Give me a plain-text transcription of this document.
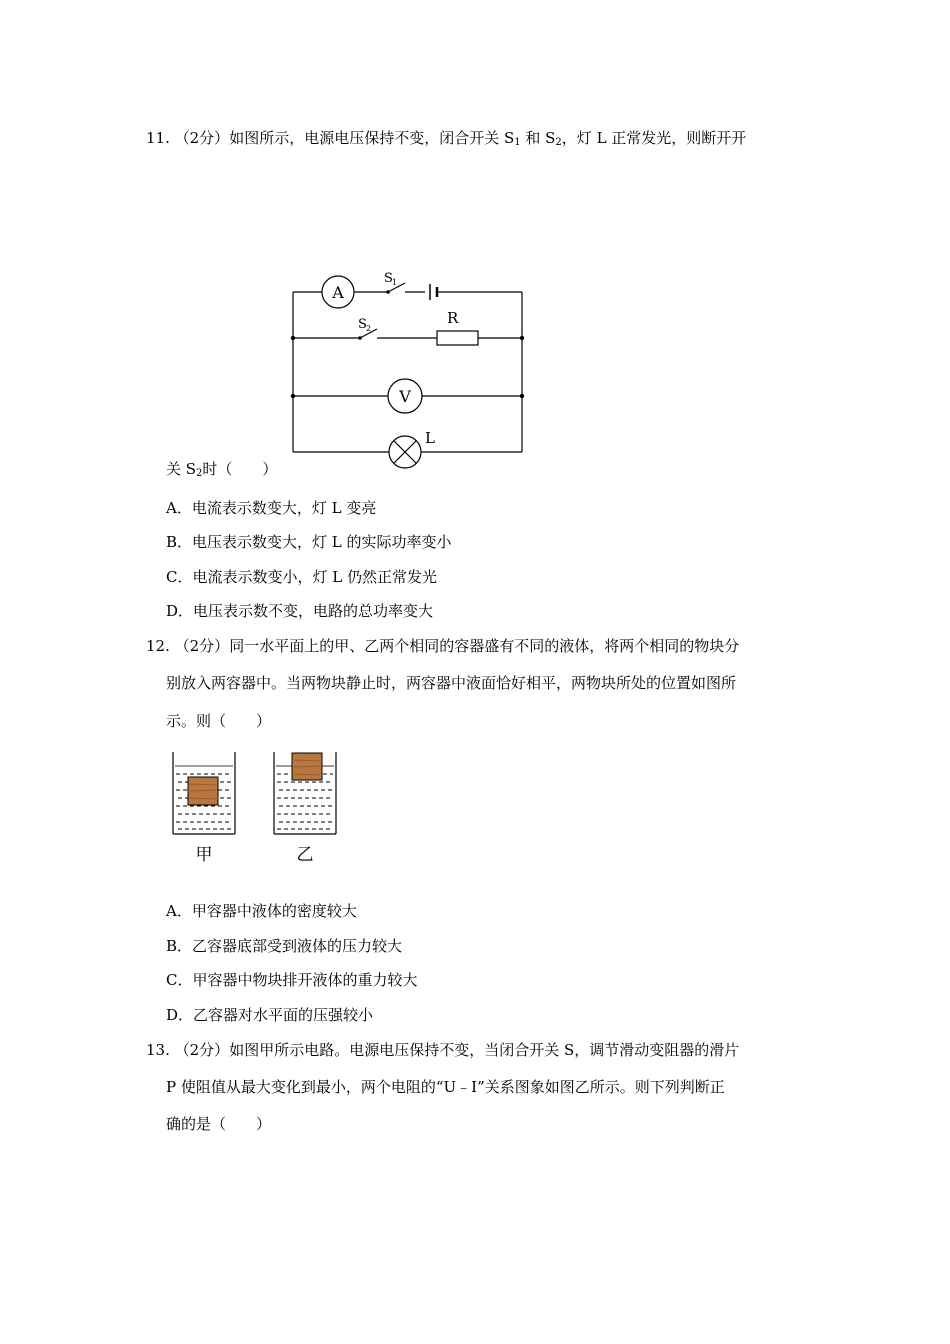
11. （2分）如图所示，电源电压保持不变，闭合开关 $S_1$ 和 $S_2$，灯 L 正常发光，则断开开
A
V
S 1
S 2
R
L
关 $S_2$时（　　）
A．电流表示数变大，灯 L 变亮
B．电压表示数变大，灯 L 的实际功率变小
C．电流表示数变小，灯 L 仍然正常发光
D．电压表示数不变，电路的总功率变大
12. （2分）同一水平面上的甲、乙两个相同的容器盛有不同的液体，将两个相同的物块分
别放入两容器中。当两物块静止时，两容器中液面恰好相平，两物块所处的位置如图所
示。则（　　）
甲	乙
A．甲容器中液体的密度较大
B．乙容器底部受到液体的压力较大
C．甲容器中物块排开液体的重力较大
D．乙容器对水平面的压强较小
13. （2分）如图甲所示电路。电源电压保持不变，当闭合开关 S，调节滑动变阻器的滑片
P 使阻值从最大变化到最小，两个电阻的“U﹣I”关系图象如图乙所示。则下列判断正
确的是（　　）
